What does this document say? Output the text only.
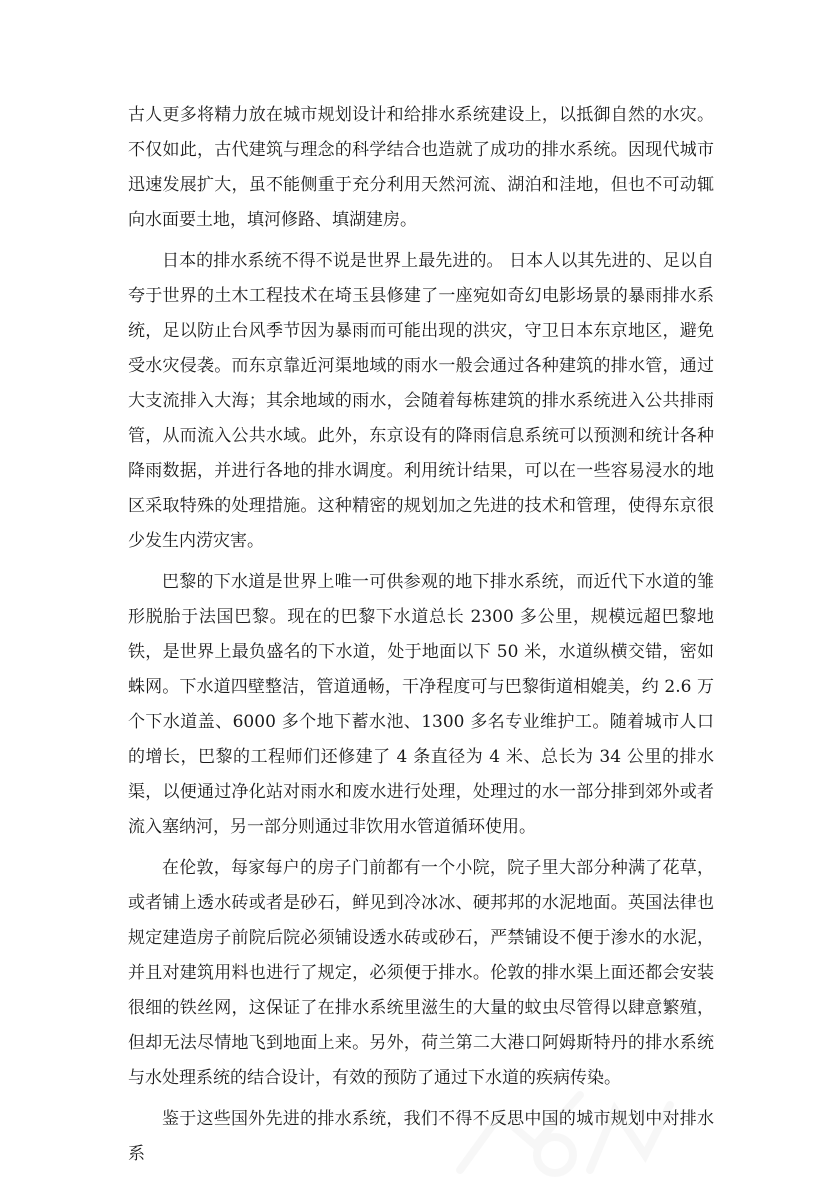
古人更多将精力放在城市规划设计和给排水系统建设上，以抵御自然的水灾。不仅如此，古代建筑与理念的科学结合也造就了成功的排水系统。因现代城市迅速发展扩大，虽不能侧重于充分利用天然河流、湖泊和洼地，但也不可动辄向水面要土地，填河修路、填湖建房。

日本的排水系统不得不说是世界上最先进的。 日本人以其先进的、足以自夸于世界的土木工程技术在埼玉县修建了一座宛如奇幻电影场景的暴雨排水系统，足以防止台风季节因为暴雨而可能出现的洪灾，守卫日本东京地区，避免受水灾侵袭。而东京靠近河渠地域的雨水一般会通过各种建筑的排水管，通过大支流排入大海；其余地域的雨水，会随着每栋建筑的排水系统进入公共排雨管，从而流入公共水域。此外，东京设有的降雨信息系统可以预测和统计各种降雨数据，并进行各地的排水调度。利用统计结果，可以在一些容易浸水的地区采取特殊的处理措施。这种精密的规划加之先进的技术和管理，使得东京很少发生内涝灾害。

巴黎的下水道是世界上唯一可供参观的地下排水系统，而近代下水道的雏形脱胎于法国巴黎。现在的巴黎下水道总长 2300 多公里，规模远超巴黎地铁，是世界上最负盛名的下水道，处于地面以下 50 米，水道纵横交错，密如蛛网。下水道四壁整洁，管道通畅，干净程度可与巴黎街道相媲美，约 2.6 万个下水道盖、6000 多个地下蓄水池、1300 多名专业维护工。随着城市人口的增长，巴黎的工程师们还修建了 4 条直径为 4 米、总长为 34 公里的排水渠，以便通过净化站对雨水和废水进行处理，处理过的水一部分排到郊外或者流入塞纳河，另一部分则通过非饮用水管道循环使用。

在伦敦，每家每户的房子门前都有一个小院，院子里大部分种满了花草，或者铺上透水砖或者是砂石，鲜见到冷冰冰、硬邦邦的水泥地面。英国法律也规定建造房子前院后院必须铺设透水砖或砂石，严禁铺设不便于渗水的水泥，并且对建筑用料也进行了规定，必须便于排水。伦敦的排水渠上面还都会安装很细的铁丝网，这保证了在排水系统里滋生的大量的蚊虫尽管得以肆意繁殖，但却无法尽情地飞到地面上来。另外，荷兰第二大港口阿姆斯特丹的排水系统与水处理系统的结合设计，有效的预防了通过下水道的疾病传染。

鉴于这些国外先进的排水系统，我们不得不反思中国的城市规划中对排水系
